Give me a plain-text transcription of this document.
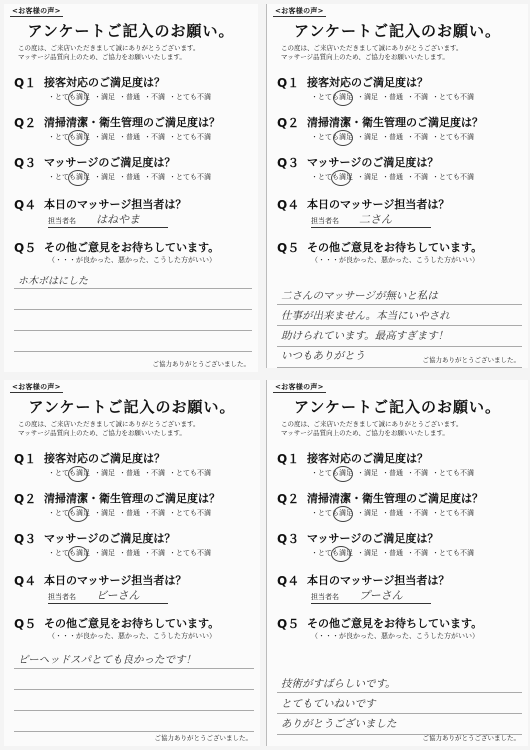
<お客様の声>
アンケートご記入のお願い。
この度は、ご来店いただきまして誠にありがとうございます。
マッサージ品質向上のため、ご協力をお願いいたします。
Q１ 接客対応のご満足度は？
・とても満足 ・満足 ・普通 ・不満 ・とても不満
Q２ 清掃清潔・衛生管理のご満足度は？
・とても満足 ・満足 ・普通 ・不満 ・とても不満
Q３ マッサージのご満足度は？
・とても満足 ・満足 ・普通 ・不満 ・とても不満
Q４ 本日のマッサージ担当者は？
担当者名 はねやま
Q５ その他ご意見をお待ちしています。
（・・・が良かった、悪かった、こうした方がいい）
ホ木ボはにした
ご協力ありがとうございました。
<お客様の声>
アンケートご記入のお願い。
この度は、ご来店いただきまして誠にありがとうございます。
マッサージ品質向上のため、ご協力をお願いいたします。
Q１ 接客対応のご満足度は？
・とても満足 ・満足 ・普通 ・不満 ・とても不満
Q２ 清掃清潔・衛生管理のご満足度は？
・とても満足 ・満足 ・普通 ・不満 ・とても不満
Q３ マッサージのご満足度は？
・とても満足 ・満足 ・普通 ・不満 ・とても不満
Q４ 本日のマッサージ担当者は？
担当者名 二さん
Q５ その他ご意見をお待ちしています。
（・・・が良かった、悪かった、こうした方がいい）
二さんのマッサージが無いと私は
仕事が出来ません。本当にいやされ
助けられています。最高すぎます！
いつもありがとう	ご協力ありがとうございました。
<お客様の声>
アンケートご記入のお願い。
この度は、ご来店いただきまして誠にありがとうございます。
マッサージ品質向上のため、ご協力をお願いいたします。
Q１ 接客対応のご満足度は？
・とても満足 ・満足 ・普通 ・不満 ・とても不満
Q２ 清掃清潔・衛生管理のご満足度は？
・とても満足 ・満足 ・普通 ・不満 ・とても不満
Q３ マッサージのご満足度は？
・とても満足 ・満足 ・普通 ・不満 ・とても不満
Q４ 本日のマッサージ担当者は？
担当者名 ビーさん
Q５ その他ご意見をお待ちしています。
（・・・が良かった、悪かった、こうした方がいい）
ビーヘッドスパとても良かったです！
ご協力ありがとうございました。
<お客様の声>
アンケートご記入のお願い。
この度は、ご来店いただきまして誠にありがとうございます。
マッサージ品質向上のため、ご協力をお願いいたします。
Q１ 接客対応のご満足度は？
・とても満足 ・満足 ・普通 ・不満 ・とても不満
Q２ 清掃清潔・衛生管理のご満足度は？
・とても満足 ・満足 ・普通 ・不満 ・とても不満
Q３ マッサージのご満足度は？
・とても満足 ・満足 ・普通 ・不満 ・とても不満
Q４ 本日のマッサージ担当者は？
担当者名 プーさん
Q５ その他ご意見をお待ちしています。
（・・・が良かった、悪かった、こうした方がいい）
技術がすばらしいです。
とてもていねいです
ありがとうございました
ご協力ありがとうございました。
